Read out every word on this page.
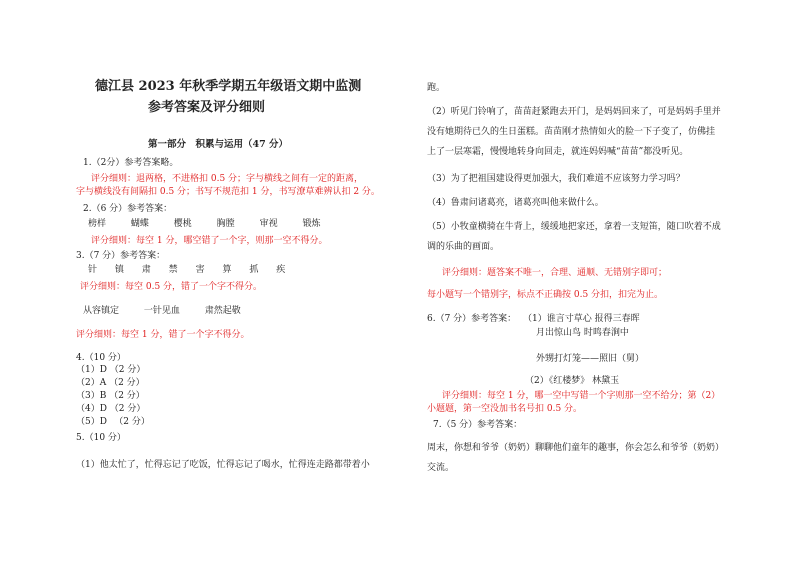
德江县 2023 年秋季学期五年级语文期中监测

参考答案及评分细则

第一部分　积累与运用（47 分）

1.（2分）参考答案略。

评分细则：退两格，不进格扣 0.5 分；字与横线之间有一定的距离，

字与横线没有间隔扣 0.5 分；书写不规范扣 1 分，书写潦草难辨认扣 2 分。

2.（6 分）参考答案：

榜样	蝴蝶	樱桃	胸膛	审视	锻炼

评分细则：每空 1 分，哪空错了一个字，则那一空不得分。

3.（7 分）参考答案：

针　 镇　 肃　 禁　 害　 算　 抓　 疾

评分细则：每空 0.5 分，错了一个字不得分。

从容镇定	一针见血	肃然起敬

评分细则：每空 1 分，错了一个字不得分。

4.（10 分）

（1）D （2 分）

（2）A （2 分）

（3）B （2 分）

（4）D （2 分）

（5）D 　（2 分）

5.（10 分）

（1）他太忙了，忙得忘记了吃饭，忙得忘记了喝水，忙得连走路都带着小

跑。

（2）听见门铃响了，苗苗赶紧跑去开门，是妈妈回来了，可是妈妈手里并

没有她期待已久的生日蛋糕。苗苗刚才热情如火的脸一下子变了，仿佛挂

上了一层寒霜，慢慢地转身向回走，就连妈妈喊“苗苗”都没听见。

（3）为了把祖国建设得更加强大，我们难道不应该努力学习吗？

（4）鲁肃问诸葛亮，诸葛亮叫他来做什么。

（5）小牧童横骑在牛背上，缓缓地把家还，拿着一支短笛，随口吹着不成

调的乐曲的画面。

评分细则：题答案不唯一，合理、通顺、无错别字即可；

每小题写一个错别字，标点不正确按 0.5 分扣，扣完为止。

6.（7 分）参考答案： （1）谁言寸草心 报得三春晖

月出惊山鸟 时鸣春涧中

外甥打灯笼——照旧（舅）

（2）《红楼梦》 林黛玉

评分细则：每空 1 分，哪一空中写错一个字则那一空不给分；第（2）

小题题，第一空没加书名号扣 0.5 分。

7.（5 分）参考答案：

周末，你想和爷爷（奶奶）聊聊他们童年的趣事，你会怎么和爷爷（奶奶）

交流。
